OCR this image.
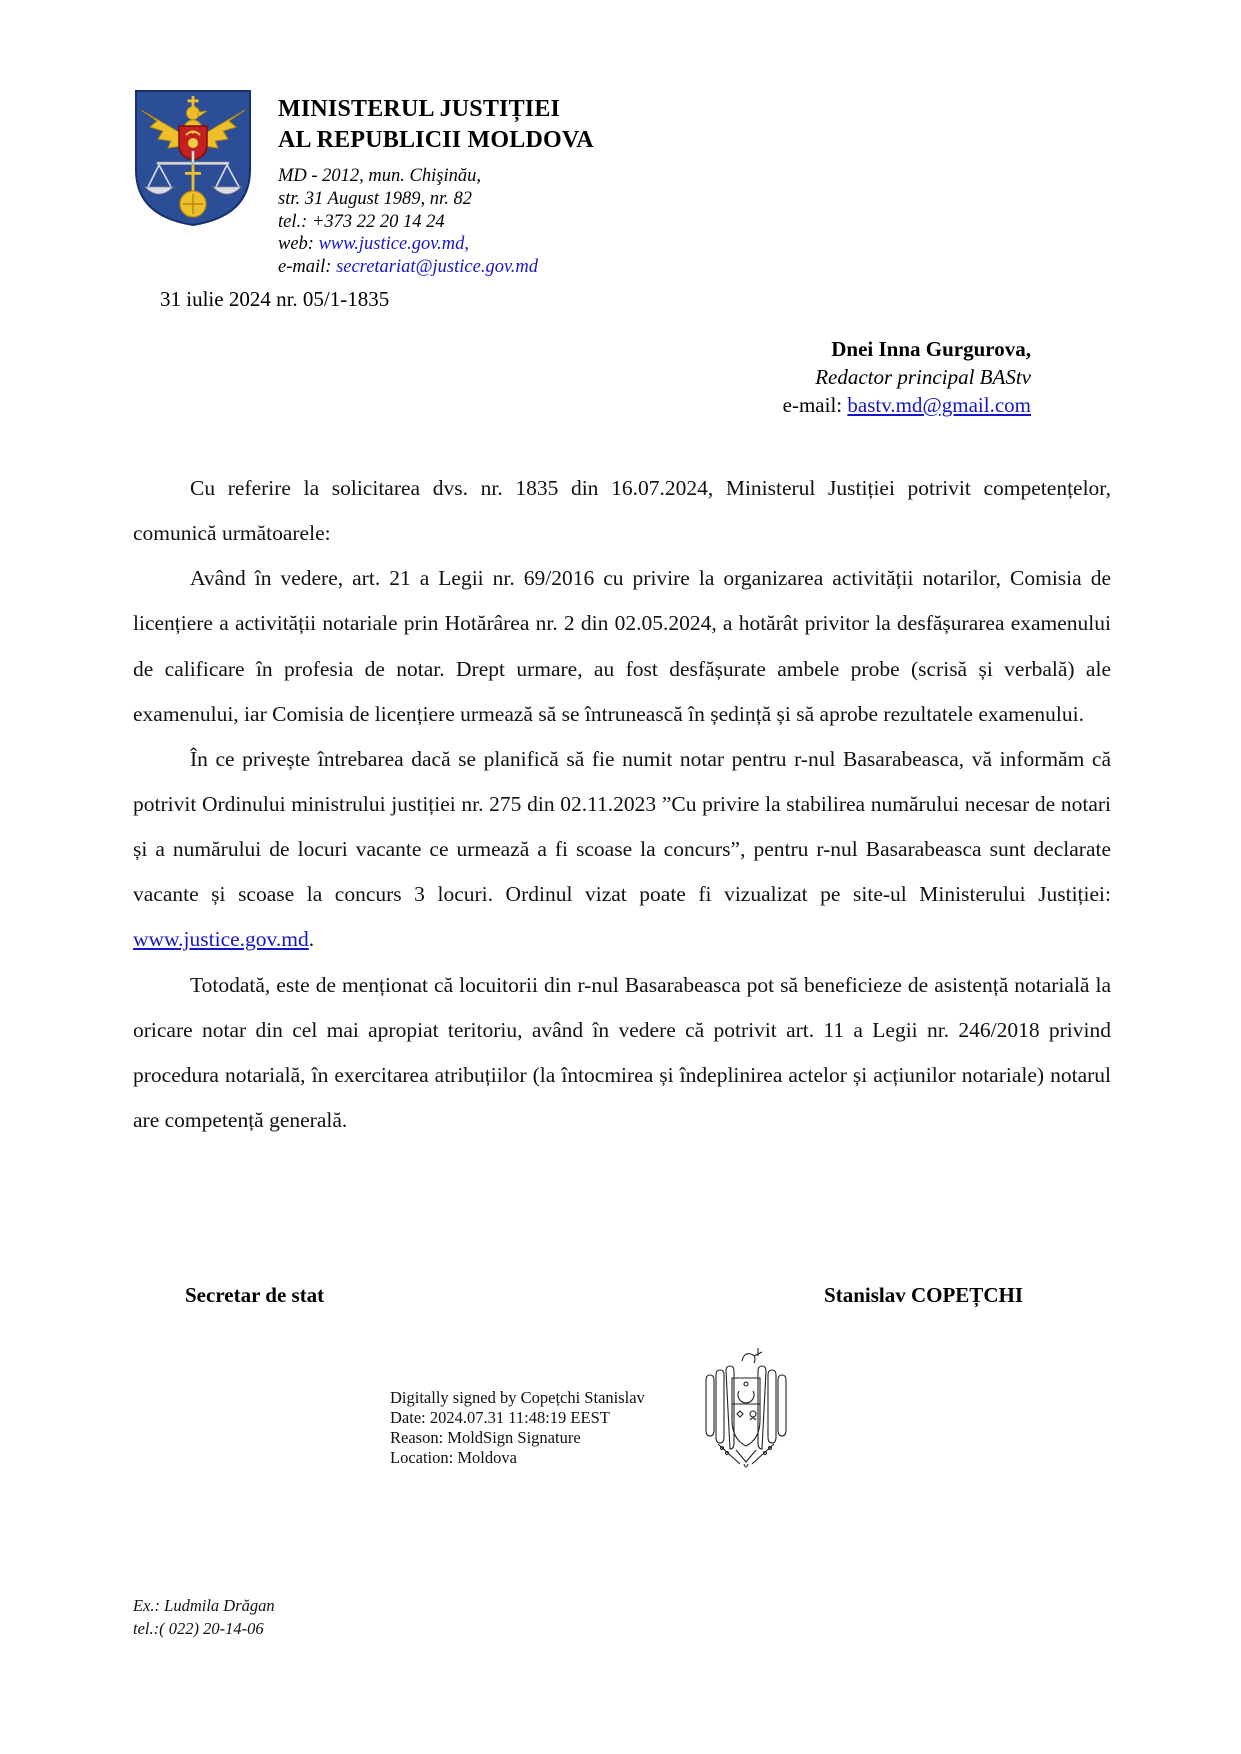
MINISTERUL JUSTIȚIEI
AL REPUBLICII MOLDOVA
MD - 2012, mun. Chişinău,
str. 31 August 1989, nr. 82
tel.: +373 22 20 14 24
web: www.justice.gov.md,
e-mail: secretariat@justice.gov.md
31 iulie 2024 nr. 05/1-1835
Dnei Inna Gurgurova,
Redactor principal BAStv
e-mail: bastv.md@gmail.com

Cu referire la solicitarea dvs. nr. 1835 din 16.07.2024, Ministerul Justiției potrivit competențelor, comunică următoarele:

Având în vedere, art. 21 a Legii nr. 69/2016 cu privire la organizarea activității notarilor, Comisia de licențiere a activității notariale prin Hotărârea nr. 2 din 02.05.2024, a hotărât privitor la desfășurarea examenului de calificare în profesia de notar. Drept urmare, au fost desfășurate ambele probe (scrisă și verbală) ale examenului, iar Comisia de licențiere urmează să se întrunească în ședință și să aprobe rezultatele examenului.

În ce privește întrebarea dacă se planifică să fie numit notar pentru r-nul Basarabeasca, vă informăm că potrivit Ordinului ministrului justiției nr. 275 din 02.11.2023 ”Cu privire la stabilirea numărului necesar de notari și a numărului de locuri vacante ce urmează a fi scoase la concurs”, pentru r-nul Basarabeasca sunt declarate vacante și scoase la concurs 3 locuri. Ordinul vizat poate fi vizualizat pe site-ul Ministerului Justiției: www.justice.gov.md.

Totodată, este de menționat că locuitorii din r-nul Basarabeasca pot să beneficieze de asistență notarială la oricare notar din cel mai apropiat teritoriu, având în vedere că potrivit art. 11 a Legii nr. 246/2018 privind procedura notarială, în exercitarea atribuțiilor (la întocmirea și îndeplinirea actelor și acțiunilor notariale) notarul are competență generală.

Secretar de stat	Stanislav COPEȚCHI
Digitally signed by Copețchi Stanislav
Date: 2024.07.31 11:48:19 EEST
Reason: MoldSign Signature
Location: Moldova
Ex.: Ludmila Drăgan
tel.:( 022) 20-14-06
